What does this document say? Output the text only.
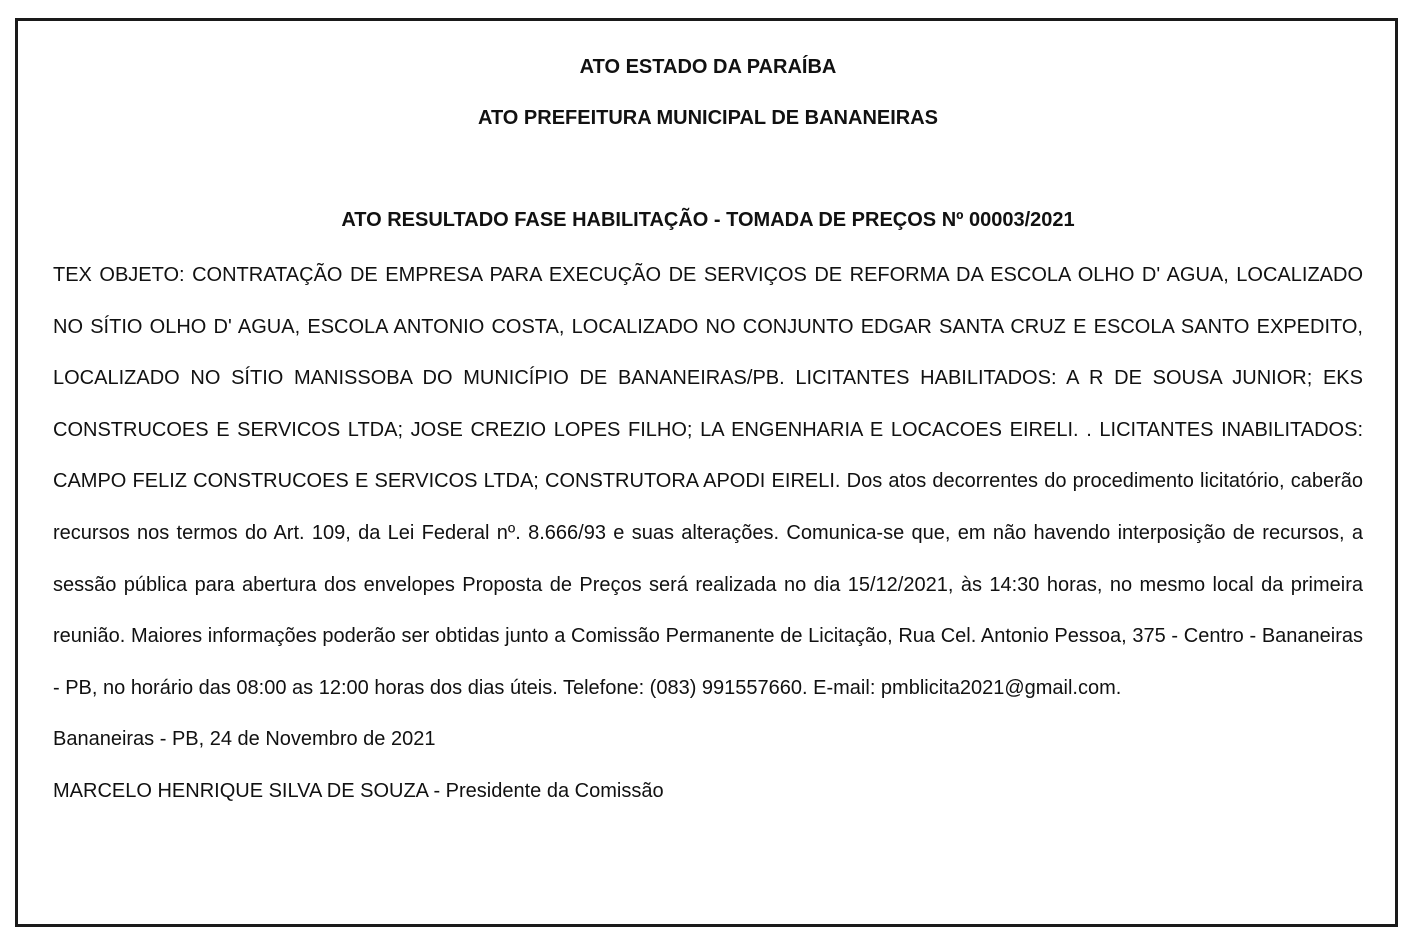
ATO ESTADO DA PARAÍBA

ATO PREFEITURA MUNICIPAL DE BANANEIRAS

ATO RESULTADO FASE HABILITAÇÃO - TOMADA DE PREÇOS Nº 00003/2021

TEX OBJETO: CONTRATAÇÃO DE EMPRESA PARA EXECUÇÃO DE SERVIÇOS DE REFORMA DA ESCOLA OLHO D' AGUA, LOCALIZADO NO SÍTIO OLHO D' AGUA, ESCOLA ANTONIO COSTA, LOCALIZADO NO CONJUNTO EDGAR SANTA CRUZ E ESCOLA SANTO EXPEDITO, LOCALIZADO NO SÍTIO MANISSOBA DO MUNICÍPIO DE BANANEIRAS/PB. LICITANTES HABILITADOS: A R DE SOUSA JUNIOR; EKS CONSTRUCOES E SERVICOS LTDA; JOSE CREZIO LOPES FILHO; LA ENGENHARIA E LOCACOES EIRELI. . LICITANTES INABILITADOS: CAMPO FELIZ CONSTRUCOES E SERVICOS LTDA; CONSTRUTORA APODI EIRELI. Dos atos decorrentes do procedimento licitatório, caberão recursos nos termos do Art. 109, da Lei Federal nº. 8.666/93 e suas alterações. Comunica-se que, em não havendo interposição de recursos, a sessão pública para abertura dos envelopes Proposta de Preços será realizada no dia 15/12/2021, às 14:30 horas, no mesmo local da primeira reunião. Maiores informações poderão ser obtidas junto a Comissão Permanente de Licitação, Rua Cel. Antonio Pessoa, 375 - Centro - Bananeiras - PB, no horário das 08:00 as 12:00 horas dos dias úteis. Telefone: (083) 991557660. E-mail: pmblicita2021@gmail.com.

Bananeiras - PB, 24 de Novembro de 2021

MARCELO HENRIQUE SILVA DE SOUZA - Presidente da Comissão
